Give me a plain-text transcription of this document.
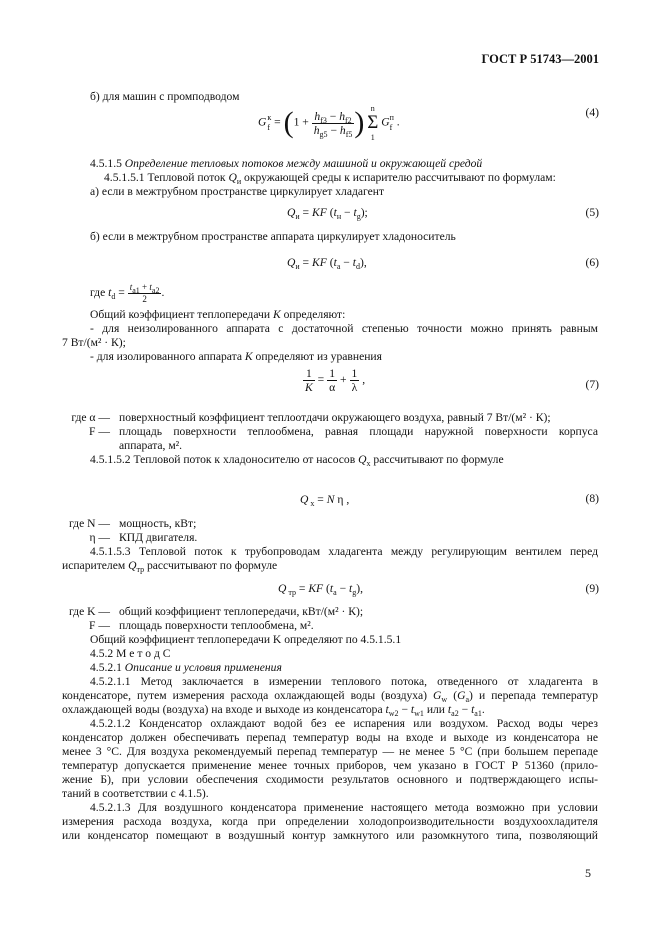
ГОСТ Р 51743—2001
б) для машин с промподводом
Gк
$f = (1 + \frac{h_{f3} - h_{f2}}{h_{g5} - h_{f5}}$ ) n
Σ
1 Gп
f .
(4)
4.5.1.5 Определение тепловых потоков между машиной и окружающей средой
4.5.1.5.1 Тепловой поток $Q_и$ окружающей среды к испарителю рассчитывают по формулам:
а) если в межтрубном пространстве циркулирует хладагент
$Q_и$ = KF $(t_н - t_g)$;	(5)
б) если в межтрубном пространстве аппарата циркулирует хладоноситель
$Q_и$ = KF $(t_a - t_d)$,	(6)
где $t_d = \frac{t_{a1} + t_{a2}}{2}$ .
Общий коэффициент теплопередачи K определяют:
- для неизолированного аппарата с достаточной степенью точности можно принять равным
7 Вт/(м² · К);
- для изолированного аппарата K определяют из уравнения
$\frac{1}{K} = \frac{1}{\alpha} + \frac{1}{\lambda}$ ,	(7)
где α — поверхностный коэффициент теплоотдачи окружающего воздуха, равный 7 Вт/(м² · К);
F — площадь поверхности теплообмена, равная площади наружной поверхности корпуса
аппарата, м².
4.5.1.5.2 Тепловой поток к хладоносителю от насосов $Q_x$ рассчитывают по формуле
Q $_x$ = N η ,	(8)
где N — мощность, кВт;
η — КПД двигателя.
4.5.1.5.3 Тепловой поток к трубопроводам хладагента между регулирующим вентилем перед
испарителем $Q_{тр}$ рассчитывают по формуле
Q $_{тр}$ = KF $(t_a - t_g)$,	(9)
где K — общий коэффициент теплопередачи, кВт/(м² · К);
F — площадь поверхности теплообмена, м².
Общий коэффициент теплопередачи K определяют по 4.5.1.5.1
4.5.2 М е т о д С
4.5.2.1 Описание и условия применения
4.5.2.1.1 Метод заключается в измерении теплового потока, отведенного от хладагента в
конденсаторе, путем измерения расхода охлаждающей воды (воздуха) $G_w$ $(G_a)$ и перепада температур
охлаждающей воды (воздуха) на входе и выходе из конденсатора $t_{w2} - t_{w1}$ или $t_{a2} - t_{a1}$.
4.5.2.1.2 Конденсатор охлаждают водой без ее испарения или воздухом. Расход воды через
конденсатор должен обеспечивать перепад температур воды на входе и выходе из конденсатора не
менее 3 °С. Для воздуха рекомендуемый перепад температур — не менее 5 °С (при большем перепаде
температур допускается применение менее точных приборов, чем указано в ГОСТ Р 51360 (прило-
жение Б), при условии обеспечения сходимости результатов основного и подтверждающего испы-
таний в соответствии с 4.1.5).
4.5.2.1.3 Для воздушного конденсатора применение настоящего метода возможно при условии
измерения расхода воздуха, когда при определении холодопроизводительности воздухоохладителя
или конденсатор помещают в воздушный контур замкнутого или разомкнутого типа, позволяющий
5
